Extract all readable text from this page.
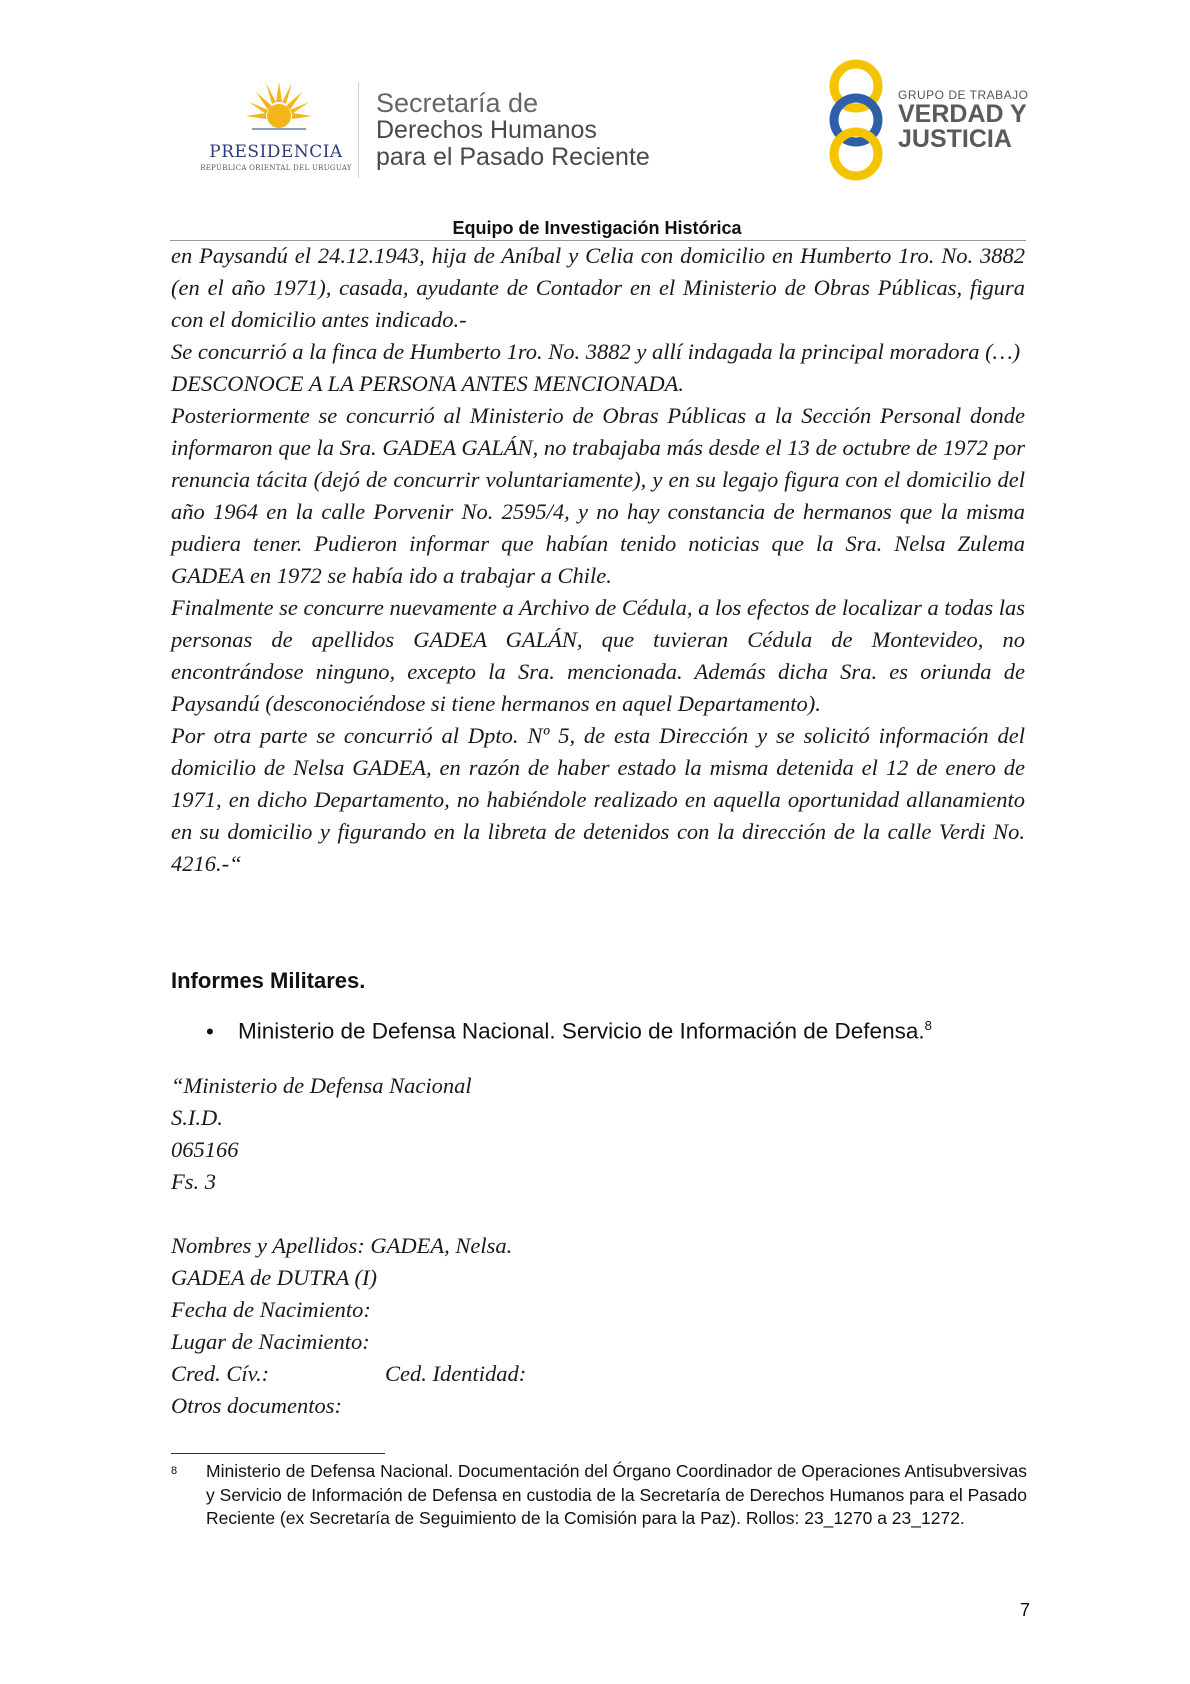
PRESIDENCIA
REPÚBLICA ORIENTAL DEL URUGUAY
Secretaría de
Derechos Humanos
para el Pasado Reciente
GRUPO DE TRABAJO
VERDAD Y
JUSTICIA
Equipo de Investigación Histórica

en Paysandú el 24.12.1943, hija de Aníbal y Celia con domicilio en Humberto 1ro. No. 3882 (en el año 1971), casada, ayudante de Contador en el Ministerio de Obras Públicas, figura con el domicilio antes indicado.-

Se concurrió a la finca de Humberto 1ro. No. 3882 y allí indagada la principal moradora (…)

DESCONOCE A LA PERSONA ANTES MENCIONADA.

Posteriormente se concurrió al Ministerio de Obras Públicas a la Sección Personal donde informaron que la Sra. GADEA GALÁN, no trabajaba más desde el 13 de octubre de 1972 por renuncia tácita (dejó de concurrir voluntariamente), y en su legajo figura con el domicilio del año 1964 en la calle Porvenir No. 2595/4, y no hay constancia de hermanos que la misma pudiera tener. Pudieron informar que habían tenido noticias que la Sra. Nelsa Zulema GADEA en 1972 se había ido a trabajar a Chile.

Finalmente se concurre nuevamente a Archivo de Cédula, a los efectos de localizar a todas las personas de apellidos GADEA GALÁN, que tuvieran Cédula de Montevideo, no encontrándose ninguno, excepto la Sra. mencionada. Además dicha Sra. es oriunda de Paysandú (desconociéndose si tiene hermanos en aquel Departamento).

Por otra parte se concurrió al Dpto. Nº 5, de esta Dirección y se solicitó información del domicilio de Nelsa GADEA, en razón de haber estado la misma detenida el 12 de enero de 1971, en dicho Departamento, no habiéndole realizado en aquella oportunidad allanamiento en su domicilio y figurando en la libreta de detenidos con la dirección de la calle Verdi No. 4216.-“

Informes Militares.
• Ministerio de Defensa Nacional. Servicio de Información de Defensa.$^8$
“Ministerio de Defensa Nacional
S.I.D.
065166
Fs. 3
Nombres y Apellidos: GADEA, Nelsa.
GADEA de DUTRA (I)
Fecha de Nacimiento:
Lugar de Nacimiento:
Cred. Cív.:	Ced. Identidad:
Otros documentos:
8 Ministerio de Defensa Nacional. Documentación del Órgano Coordinador de Operaciones Antisubversivas y Servicio de Información de Defensa en custodia de la Secretaría de Derechos Humanos para el Pasado Reciente (ex Secretaría de Seguimiento de la Comisión para la Paz). Rollos: 23_1270 a 23_1272.
7
